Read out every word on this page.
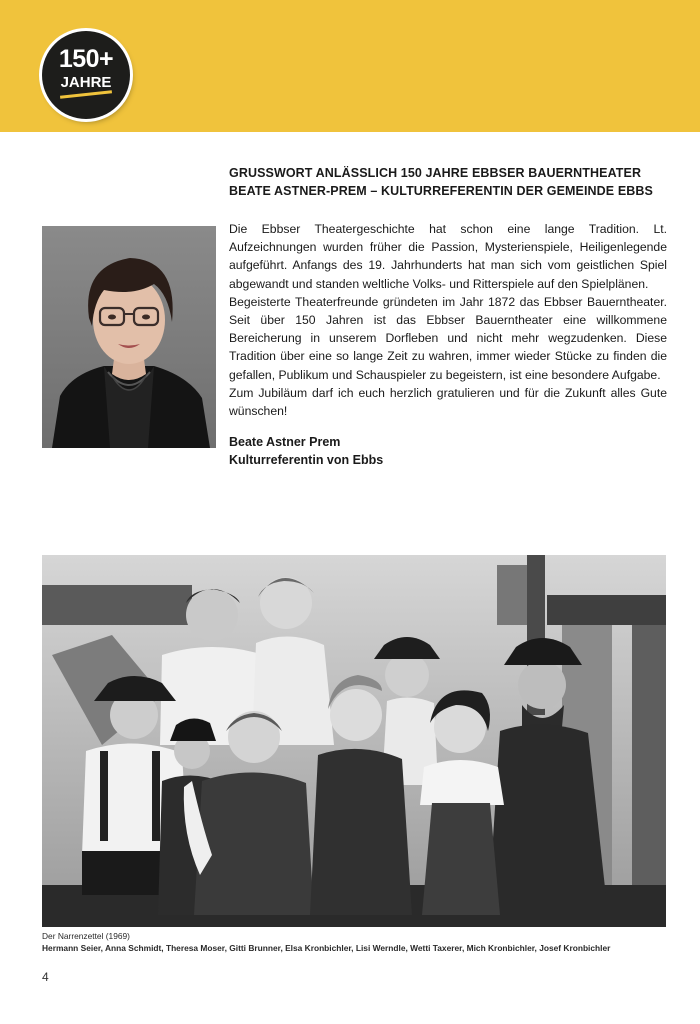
150+
JAHRE
GRUSSWORT ANLÄSSLICH 150 JAHRE EBBSER BAUERNTHEATER
BEATE ASTNER-PREM – KULTURREFERENTIN DER GEMEINDE EBBS

Die Ebbser Theatergeschichte hat schon eine lange Tradition. Lt. Aufzeichnungen wurden früher die Passion, Mysterienspiele, Heiligenlegende aufgeführt. Anfangs des 19. Jahrhunderts hat man sich vom geistlichen Spiel abgewandt und standen weltliche Volks- und Ritterspiele auf den Spielplänen.

Begeisterte Theaterfreunde gründeten im Jahr 1872 das Ebbser Bauerntheater. Seit über 150 Jahren ist das Ebbser Bauerntheater eine willkommene Bereicherung in unserem Dorfleben und nicht mehr wegzudenken. Diese Tradition über eine so lange Zeit zu wahren, immer wieder Stücke zu finden die gefallen, Publikum und Schauspieler zu begeistern, ist eine besondere Aufgabe.

Zum Jubiläum darf ich euch herzlich gratulieren und für die Zukunft alles Gute wünschen!

Beate Astner Prem
Kulturreferentin von Ebbs
Der Narrenzettel (1969)
Hermann Seier, Anna Schmidt, Theresa Moser, Gitti Brunner, Elsa Kronbichler, Lisi Werndle, Wetti Taxerer, Mich Kronbichler, Josef Kronbichler
4
